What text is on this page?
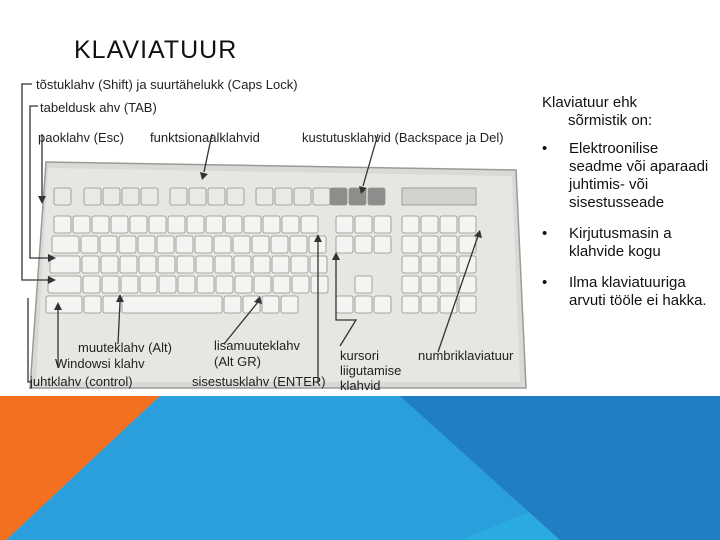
KLAVIATUUR
tõstuklahv (Shift) ja suurtähelukk (Caps Lock)
tabeldusk ahv (TAB)
paoklahv (Esc) funktsionaalklahvid	kustutusklahvid (Backspace ja Del)
muuteklahv (Alt)
Windowsi klahv
juhtklahv (control)
lisamuuteklahv
(Alt GR)
sisestusklahv (ENTER)
kursori
liigutamise
klahvid
numbriklaviatuur
Klaviatuur ehk
sõrmistik on:
• Elektroonilise seadme või aparaadi juhtimis- või sisestusseade
• Kirjutusmasin a klahvide kogu
• Ilma klaviatuuriga arvuti tööle ei hakka.
